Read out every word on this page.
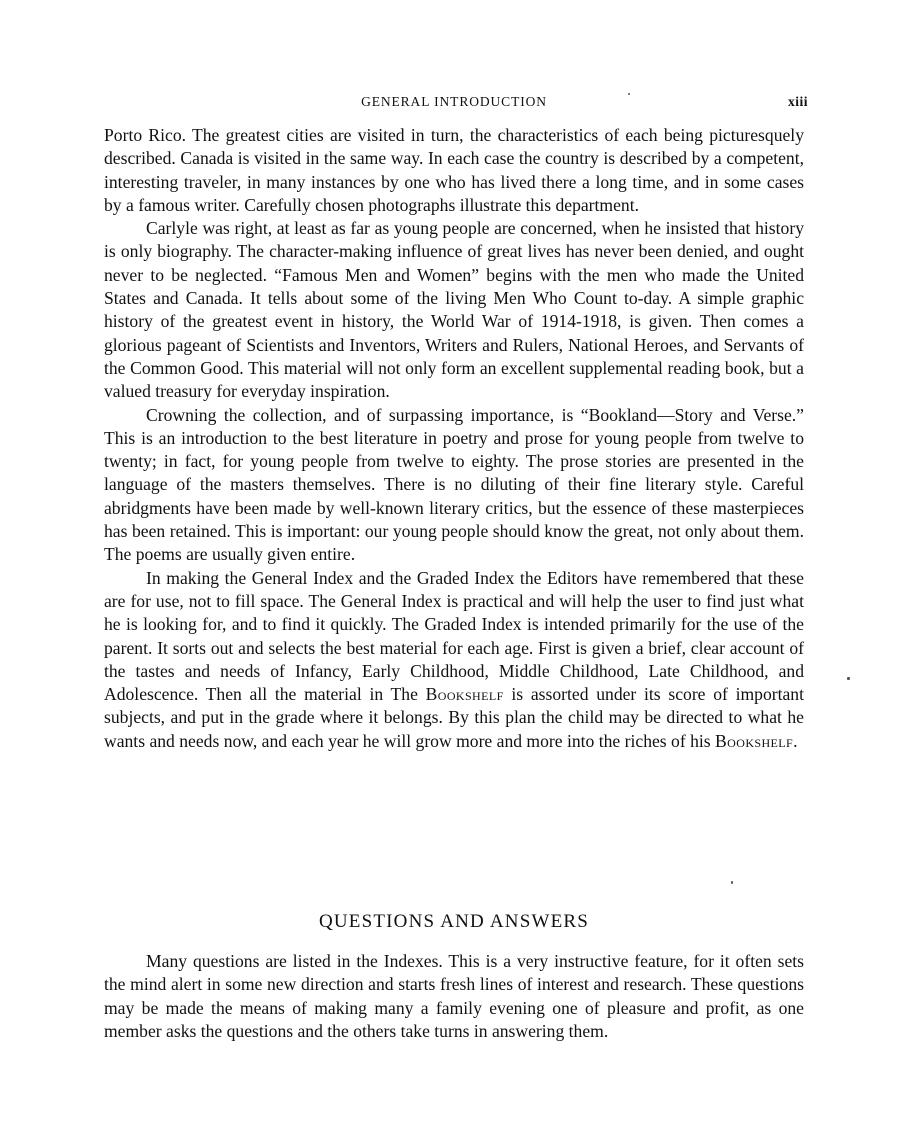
GENERAL INTRODUCTION	xiii

Porto Rico. The greatest cities are visited in turn, the characteristics of each being picturesquely described. Canada is visited in the same way. In each case the country is described by a competent, interesting traveler, in many instances by one who has lived there a long time, and in some cases by a famous writer. Carefully chosen photographs illustrate this department.

Carlyle was right, at least as far as young people are concerned, when he insisted that history is only biography. The character-making influence of great lives has never been denied, and ought never to be neglected. “Famous Men and Women” begins with the men who made the United States and Canada. It tells about some of the living Men Who Count to-day. A simple graphic history of the greatest event in history, the World War of 1914-1918, is given. Then comes a glorious pageant of Scientists and Inventors, Writers and Rulers, National Heroes, and Servants of the Common Good. This material will not only form an excellent supplemental reading book, but a valued treasury for everyday inspiration.

Crowning the collection, and of surpassing importance, is “Bookland—Story and Verse.” This is an introduction to the best literature in poetry and prose for young people from twelve to twenty; in fact, for young people from twelve to eighty. The prose stories are presented in the language of the masters themselves. There is no diluting of their fine literary style. Careful abridgments have been made by well-known literary critics, but the essence of these masterpieces has been retained. This is important: our young people should know the great, not only about them. The poems are usually given entire.

In making the General Index and the Graded Index the Editors have remembered that these are for use, not to fill space. The General Index is practical and will help the user to find just what he is looking for, and to find it quickly. The Graded Index is intended primarily for the use of the parent. It sorts out and selects the best material for each age. First is given a brief, clear account of the tastes and needs of Infancy, Early Childhood, Middle Childhood, Late Childhood, and Adolescence. Then all the material in The Bookshelf is assorted under its score of important subjects, and put in the grade where it belongs. By this plan the child may be directed to what he wants and needs now, and each year he will grow more and more into the riches of his Bookshelf.

QUESTIONS AND ANSWERS

Many questions are listed in the Indexes. This is a very instructive feature, for it often sets the mind alert in some new direction and starts fresh lines of interest and research. These questions may be made the means of making many a family evening one of pleasure and profit, as one member asks the questions and the others take turns in answering them.
